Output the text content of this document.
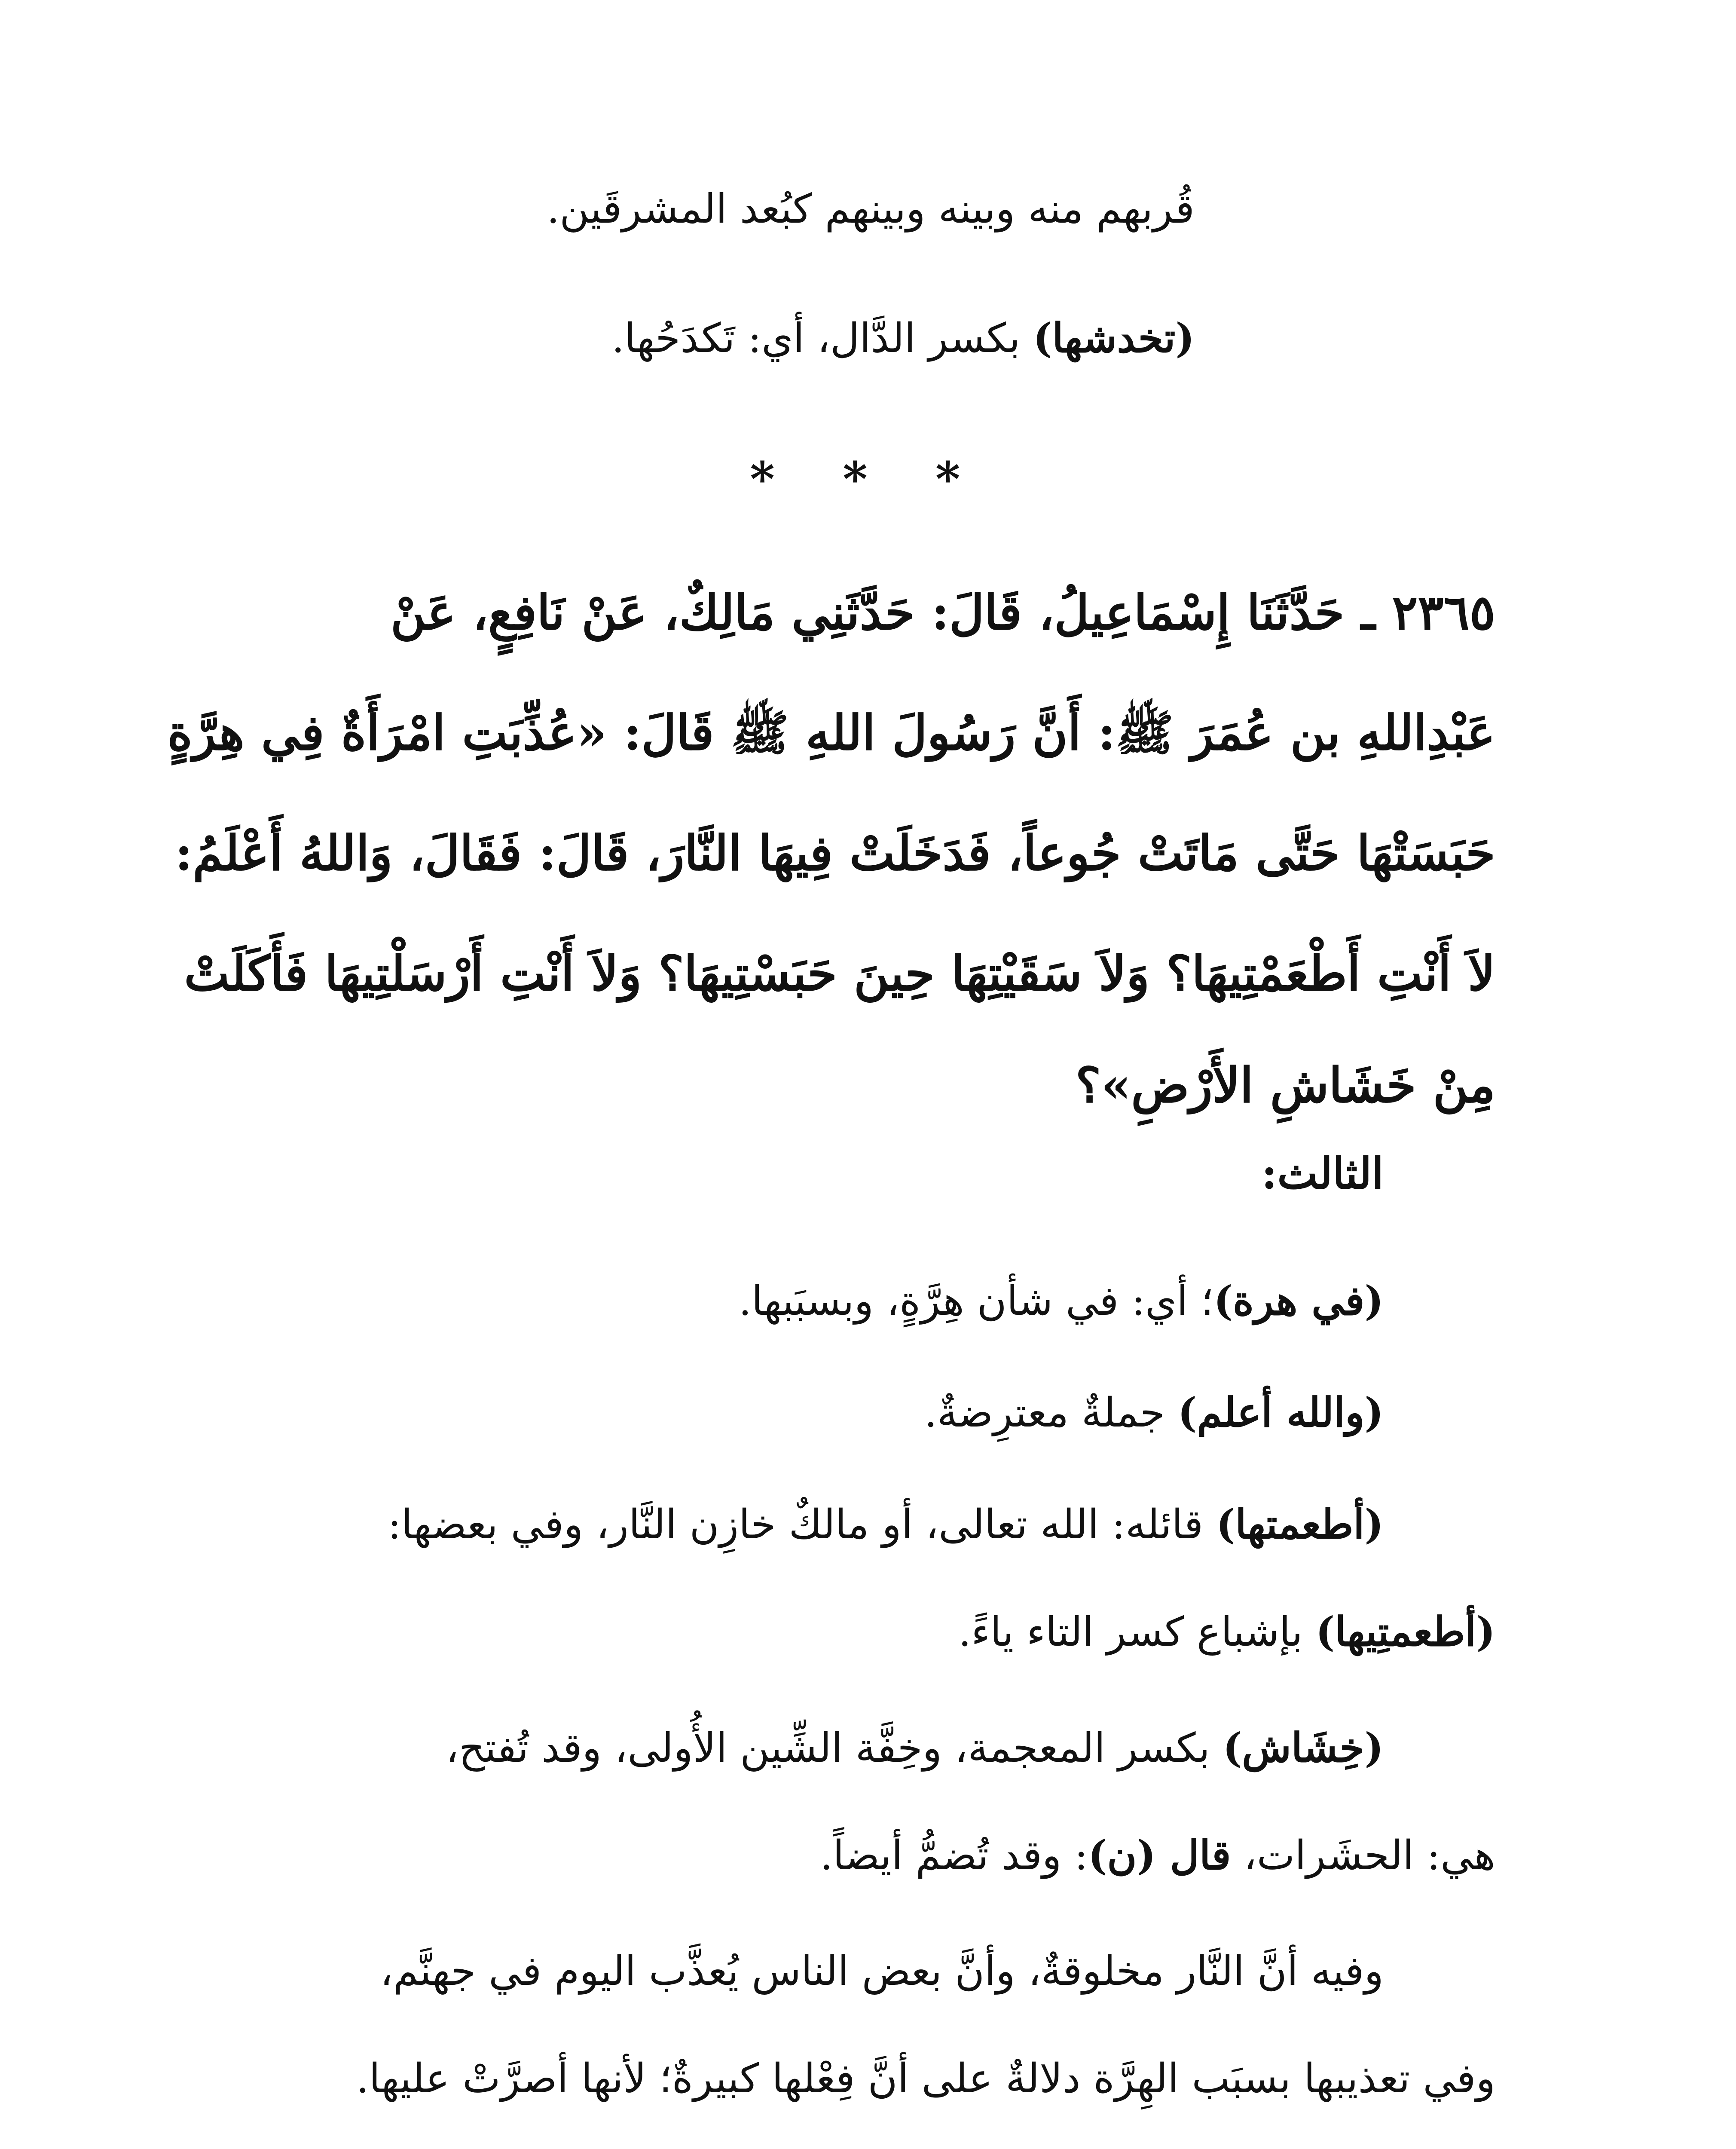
قُربهم منه وبينه وبينهم كبُعد المشرقَين.
(تخدشها) بكسر الدَّال، أي: تَكدَحُها.
* * *
٢٣٦٥ ـ حَدَّثَنَا إِسْمَاعِيلُ، قَالَ: حَدَّثَنِي مَالِكٌ، عَنْ نَافِعٍ، عَنْ
عَبْدِاللهِ بن عُمَرَ ﷺ: أَنَّ رَسُولَ اللهِ ﷺ قَالَ: «عُذِّبَتِ امْرَأَةٌ فِي هِرَّةٍ
حَبَسَتْهَا حَتَّى مَاتَتْ جُوعاً، فَدَخَلَتْ فِيهَا النَّارَ، قَالَ: فَقَالَ، وَاللهُ أَعْلَمُ:
لاَ أَنْتِ أَطْعَمْتِيهَا؟ وَلاَ سَقَيْتِهَا حِينَ حَبَسْتِيهَا؟ وَلاَ أَنْتِ أَرْسَلْتِيهَا فَأَكَلَتْ
مِنْ خَشَاشِ الأَرْضِ»؟
الثالث:
(في هرة)؛ أي: في شأن هِرَّةٍ، وبسبَبها.
(والله أعلم) جملةٌ معترِضةٌ.
(أطعمتها) قائله: الله تعالى، أو مالكٌ خازِن النَّار، وفي بعضها:
(أطعمتِيها) بإشباع كسر التاء ياءً.
(خِشَاش) بكسر المعجمة، وخِفَّة الشِّين الأُولى، وقد تُفتح،
هي: الحشَرات، قال (ن): وقد تُضمُّ أيضاً.
وفيه أنَّ النَّار مخلوقةٌ، وأنَّ بعض الناس يُعذَّب اليوم في جهنَّم،
وفي تعذيبها بسبَب الهِرَّة دلالةٌ على أنَّ فِعْلها كبيرةٌ؛ لأنها أصرَّتْ عليها.
